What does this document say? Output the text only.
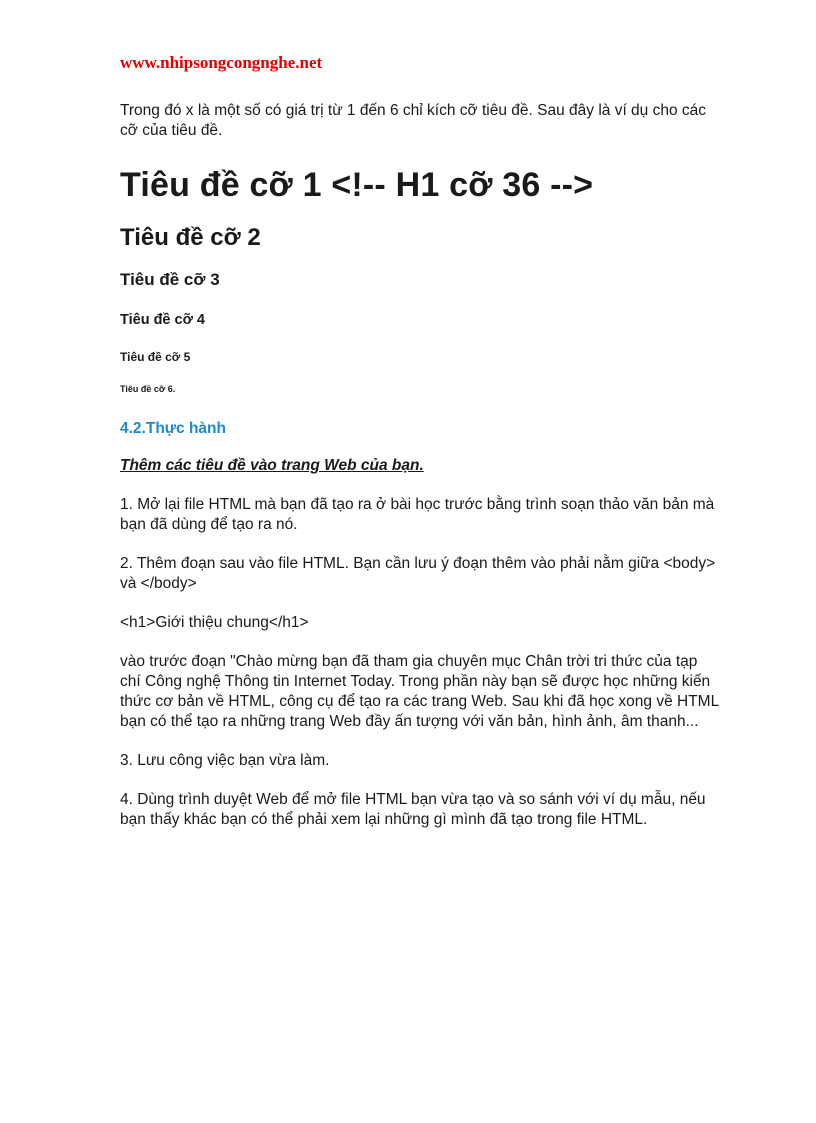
www.nhipsongcongnghe.net

Trong đó x là một số có giá trị từ 1 đến 6 chỉ kích cỡ tiêu đề. Sau đây là ví dụ cho các cỡ của tiêu đề.

Tiêu đề cỡ 1 <!-- H1 cỡ 36 -->
Tiêu đề cỡ 2
Tiêu đề cỡ 3
Tiêu đề cỡ 4
Tiêu đề cỡ 5
Tiêu đề cỡ 6.
4.2.Thực hành
Thêm các tiêu đề vào trang Web của bạn.

1. Mở lại file HTML mà bạn đã tạo ra ở bài học trước bằng trình soạn thảo văn bản mà bạn đã dùng để tạo ra nó.

2. Thêm đoạn sau vào file HTML. Bạn cần lưu ý đoạn thêm vào phải nằm giữa <body> và </body>

<h1>Giới thiệu chung</h1>

vào trước đoạn "Chào mừng bạn đã tham gia chuyên mục Chân trời tri thức của tạp chí Công nghệ Thông tin Internet Today. Trong phần này bạn sẽ được học những kiến thức cơ bản về HTML, công cụ để tạo ra các trang Web. Sau khi đã học xong về HTML bạn có thể tạo ra những trang Web đầy ấn tượng với văn bản, hình ảnh, âm thanh...

3. Lưu công việc bạn vừa làm.

4. Dùng trình duyệt Web để mở file HTML bạn vừa tạo và so sánh với ví dụ mẫu, nếu bạn thấy khác bạn có thể phải xem lại những gì mình đã tạo trong file HTML.
